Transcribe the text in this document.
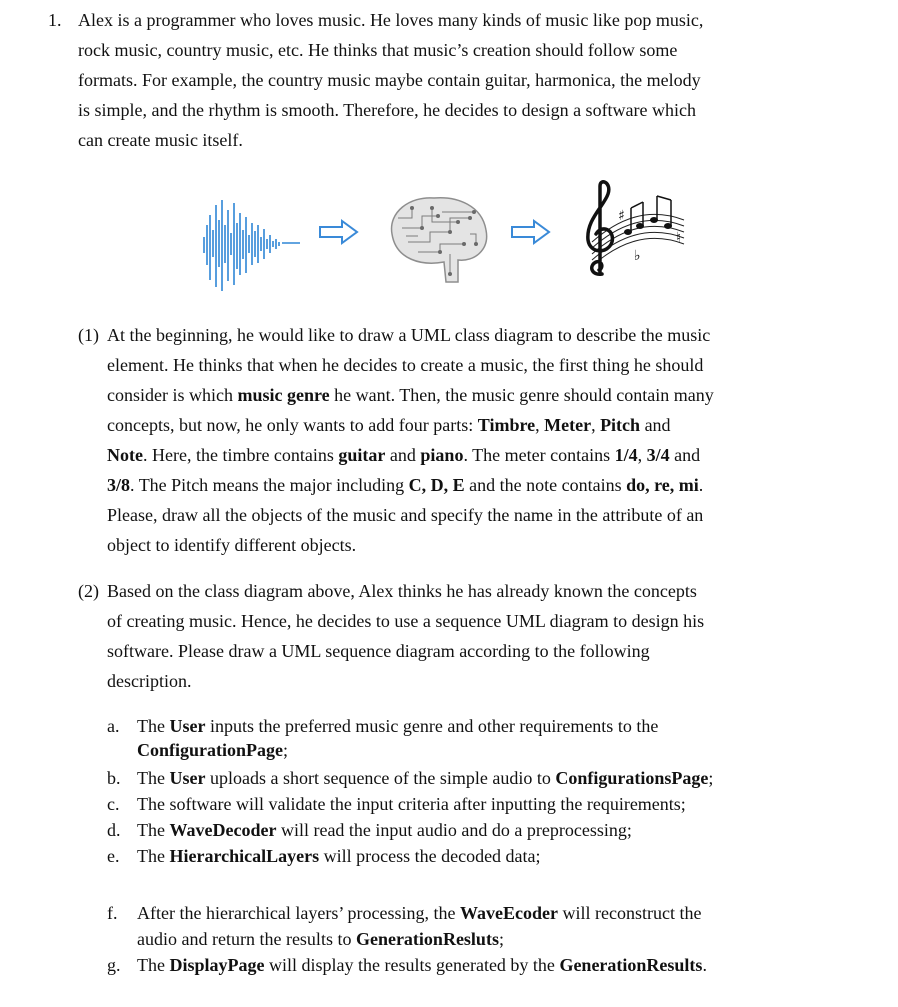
1. Alex is a programmer who loves music. He loves many kinds of music like pop music,
rock music, country music, etc. He thinks that music’s creation should follow some
formats. For example, the country music maybe contain guitar, harmonica, the melody
is simple, and the rhythm is smooth. Therefore, he decides to design a software which
can create music itself.
♯
♭
♮
(1) At the beginning, he would like to draw a UML class diagram to describe the music
element. He thinks that when he decides to create a music, the first thing he should
consider is which music genre he want. Then, the music genre should contain many
concepts, but now, he only wants to add four parts: Timbre, Meter, Pitch and
Note. Here, the timbre contains guitar and piano. The meter contains 1/4, 3/4 and
3/8. The Pitch means the major including C, D, E and the note contains do, re, mi.
Please, draw all the objects of the music and specify the name in the attribute of an
object to identify different objects.
(2) Based on the class diagram above, Alex thinks he has already known the concepts
of creating music. Hence, he decides to use a sequence UML diagram to design his
software. Please draw a UML sequence diagram according to the following
description.
a. The User inputs the preferred music genre and other requirements to the
ConfigurationPage;
b. The User uploads a short sequence of the simple audio to ConfigurationsPage;
c. The software will validate the input criteria after inputting the requirements;
d. The WaveDecoder will read the input audio and do a preprocessing;
e. The HierarchicalLayers will process the decoded data;
f. After the hierarchical layers’ processing, the WaveEcoder will reconstruct the
audio and return the results to GenerationResluts;
g. The DisplayPage will display the results generated by the GenerationResults.
